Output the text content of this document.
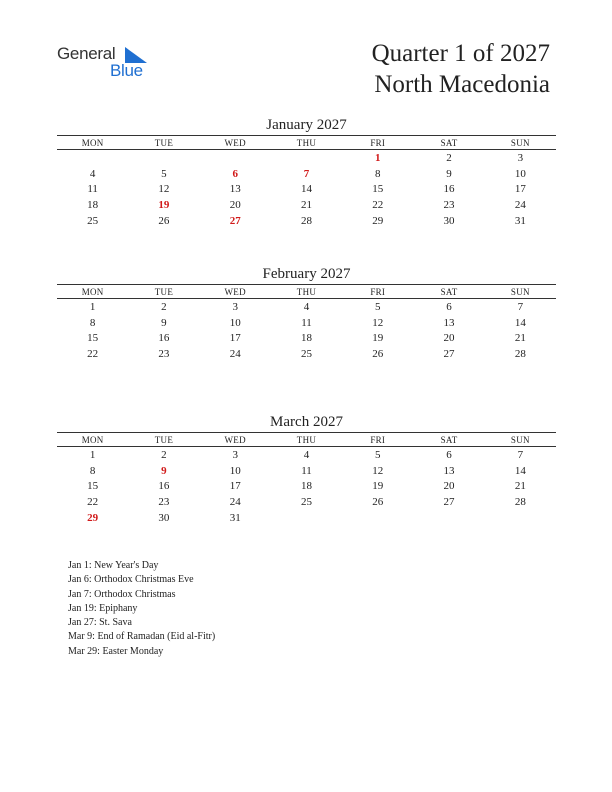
General
Blue
Quarter 1 of 2027
North Macedonia
January 2027
MON	TUE	WED	THU	FRI	SAT	SUN
				1	2	3
4	5	6	7	8	9	10
11	12	13	14	15	16	17
18	19	20	21	22	23	24
25	26	27	28	29	30	31
February 2027
MON	TUE	WED	THU	FRI	SAT	SUN
1	2	3	4	5	6	7
8	9	10	11	12	13	14
15	16	17	18	19	20	21
22	23	24	25	26	27	28
March 2027
MON	TUE	WED	THU	FRI	SAT	SUN
1	2	3	4	5	6	7
8	9	10	11	12	13	14
15	16	17	18	19	20	21
22	23	24	25	26	27	28
29	30	31				
Jan 1: New Year's Day
Jan 6: Orthodox Christmas Eve
Jan 7: Orthodox Christmas
Jan 19: Epiphany
Jan 27: St. Sava
Mar 9: End of Ramadan (Eid al-Fitr)
Mar 29: Easter Monday
